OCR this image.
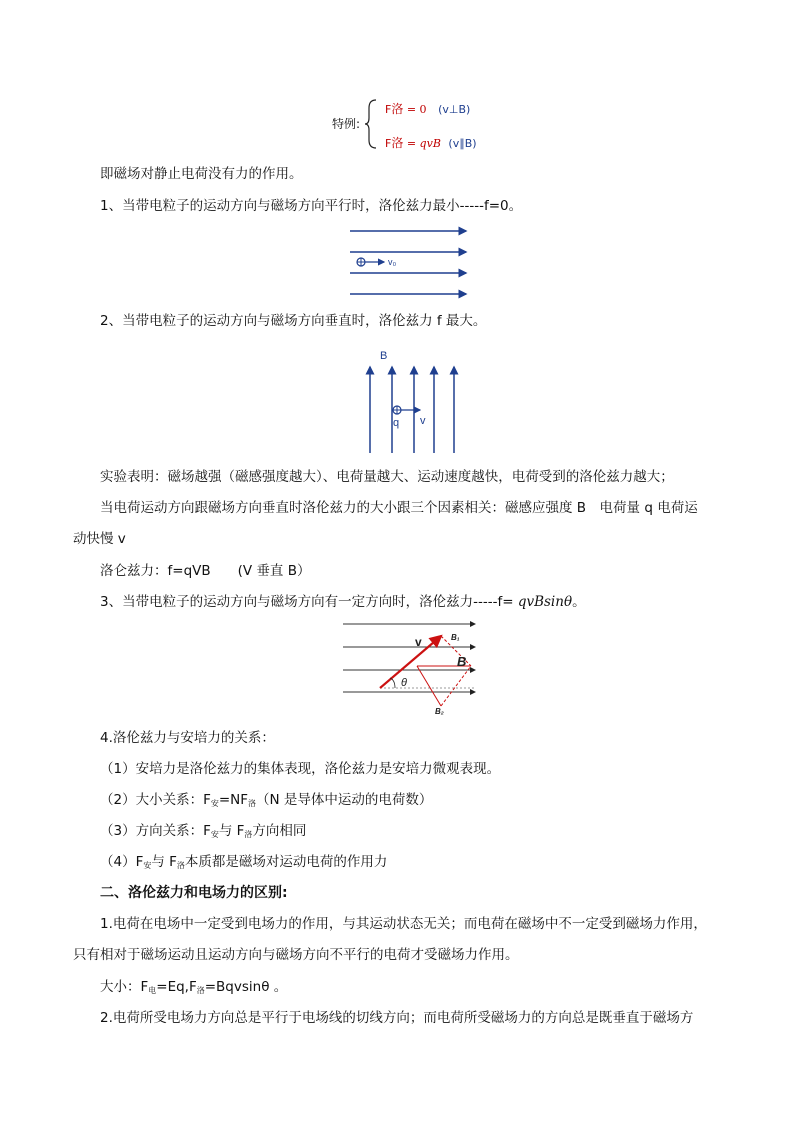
特例:
F洛 = 0 (v⊥B)
F洛 = qvB (v∥B)
即磁场对静止电荷没有力的作用。
1、当带电粒子的运动方向与磁场方向平行时，洛伦兹力最小-----f=0。
v₀
2、当带电粒子的运动方向与磁场方向垂直时，洛伦兹力 f 最大。
B
q v
实验表明：磁场越强（磁感强度越大）、电荷量越大、运动速度越快，电荷受到的洛伦兹力越大；
当电荷运动方向跟磁场方向垂直时洛伦兹力的大小跟三个因素相关：磁感应强度 B　电荷量 q 电荷运
动快慢 v
洛仑兹力：f=qVB　　(V 垂直 B）
3、当带电粒子的运动方向与磁场方向有一定方向时，洛伦兹力-----f= qvBsinθ。
v	B₁
B
B₂
θ
4.洛伦兹力与安培力的关系：
（1）安培力是洛伦兹力的集体表现，洛伦兹力是安培力微观表现。
（2）大小关系：$F_安=NF_洛(N$ 是导体中运动的电荷数）
（3）方向关系：$F_安$与 $F_洛$方向相同
$(4)F_安$与 $F_洛$本质都是磁场对运动电荷的作用力
二、洛伦兹力和电场力的区别:
1.电荷在电场中一定受到电场力的作用，与其运动状态无关；而电荷在磁场中不一定受到磁场力作用，
只有相对于磁场运动且运动方向与磁场方向不平行的电荷才受磁场力作用。
大小：$F_电=Eq,F_洛=Bqvsin\theta$ 。
2.电荷所受电场力方向总是平行于电场线的切线方向；而电荷所受磁场力的方向总是既垂直于磁场方
